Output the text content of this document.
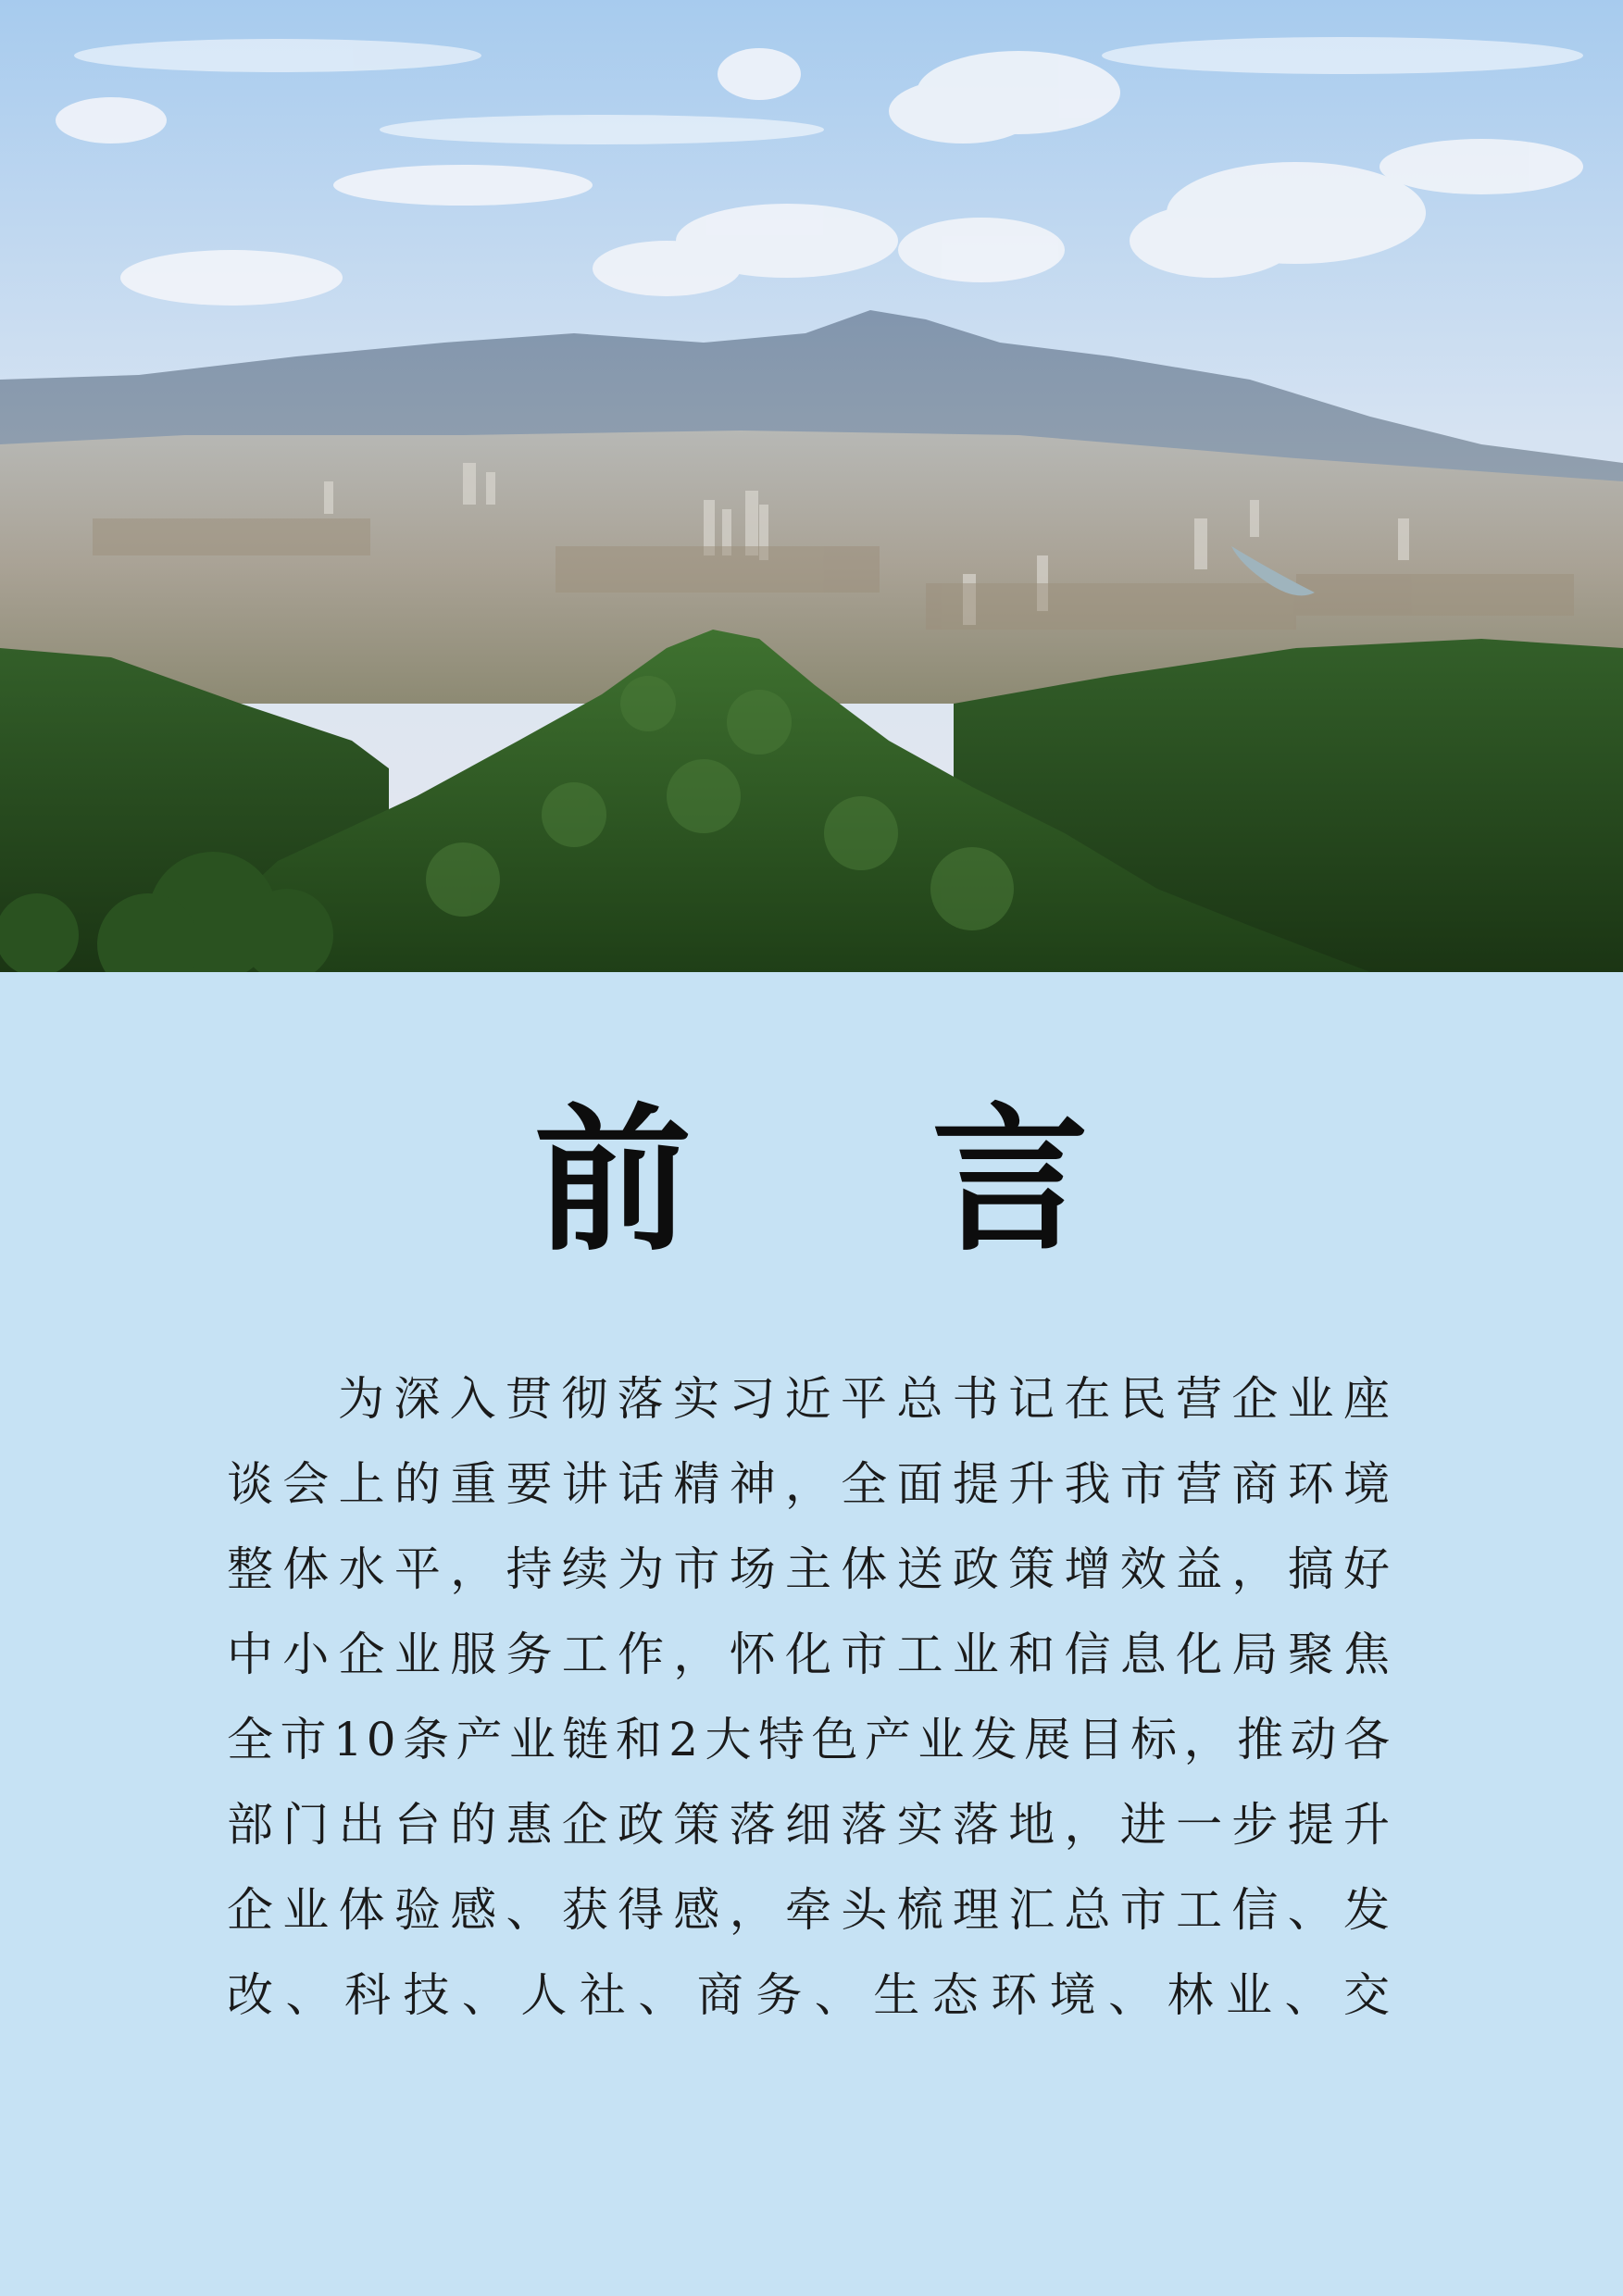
前 言
为深入贯彻落实习近平总书记在民营企业座
谈会上的重要讲话精神，全面提升我市营商环境
整体水平，持续为市场主体送政策增效益，搞好
中小企业服务工作，怀化市工业和信息化局聚焦
全市10条产业链和2大特色产业发展目标，推动各
部门出台的惠企政策落细落实落地，进一步提升
企业体验感、获得感，牵头梳理汇总市工信、发
改、科技、人社、商务、生态环境、林业、交
